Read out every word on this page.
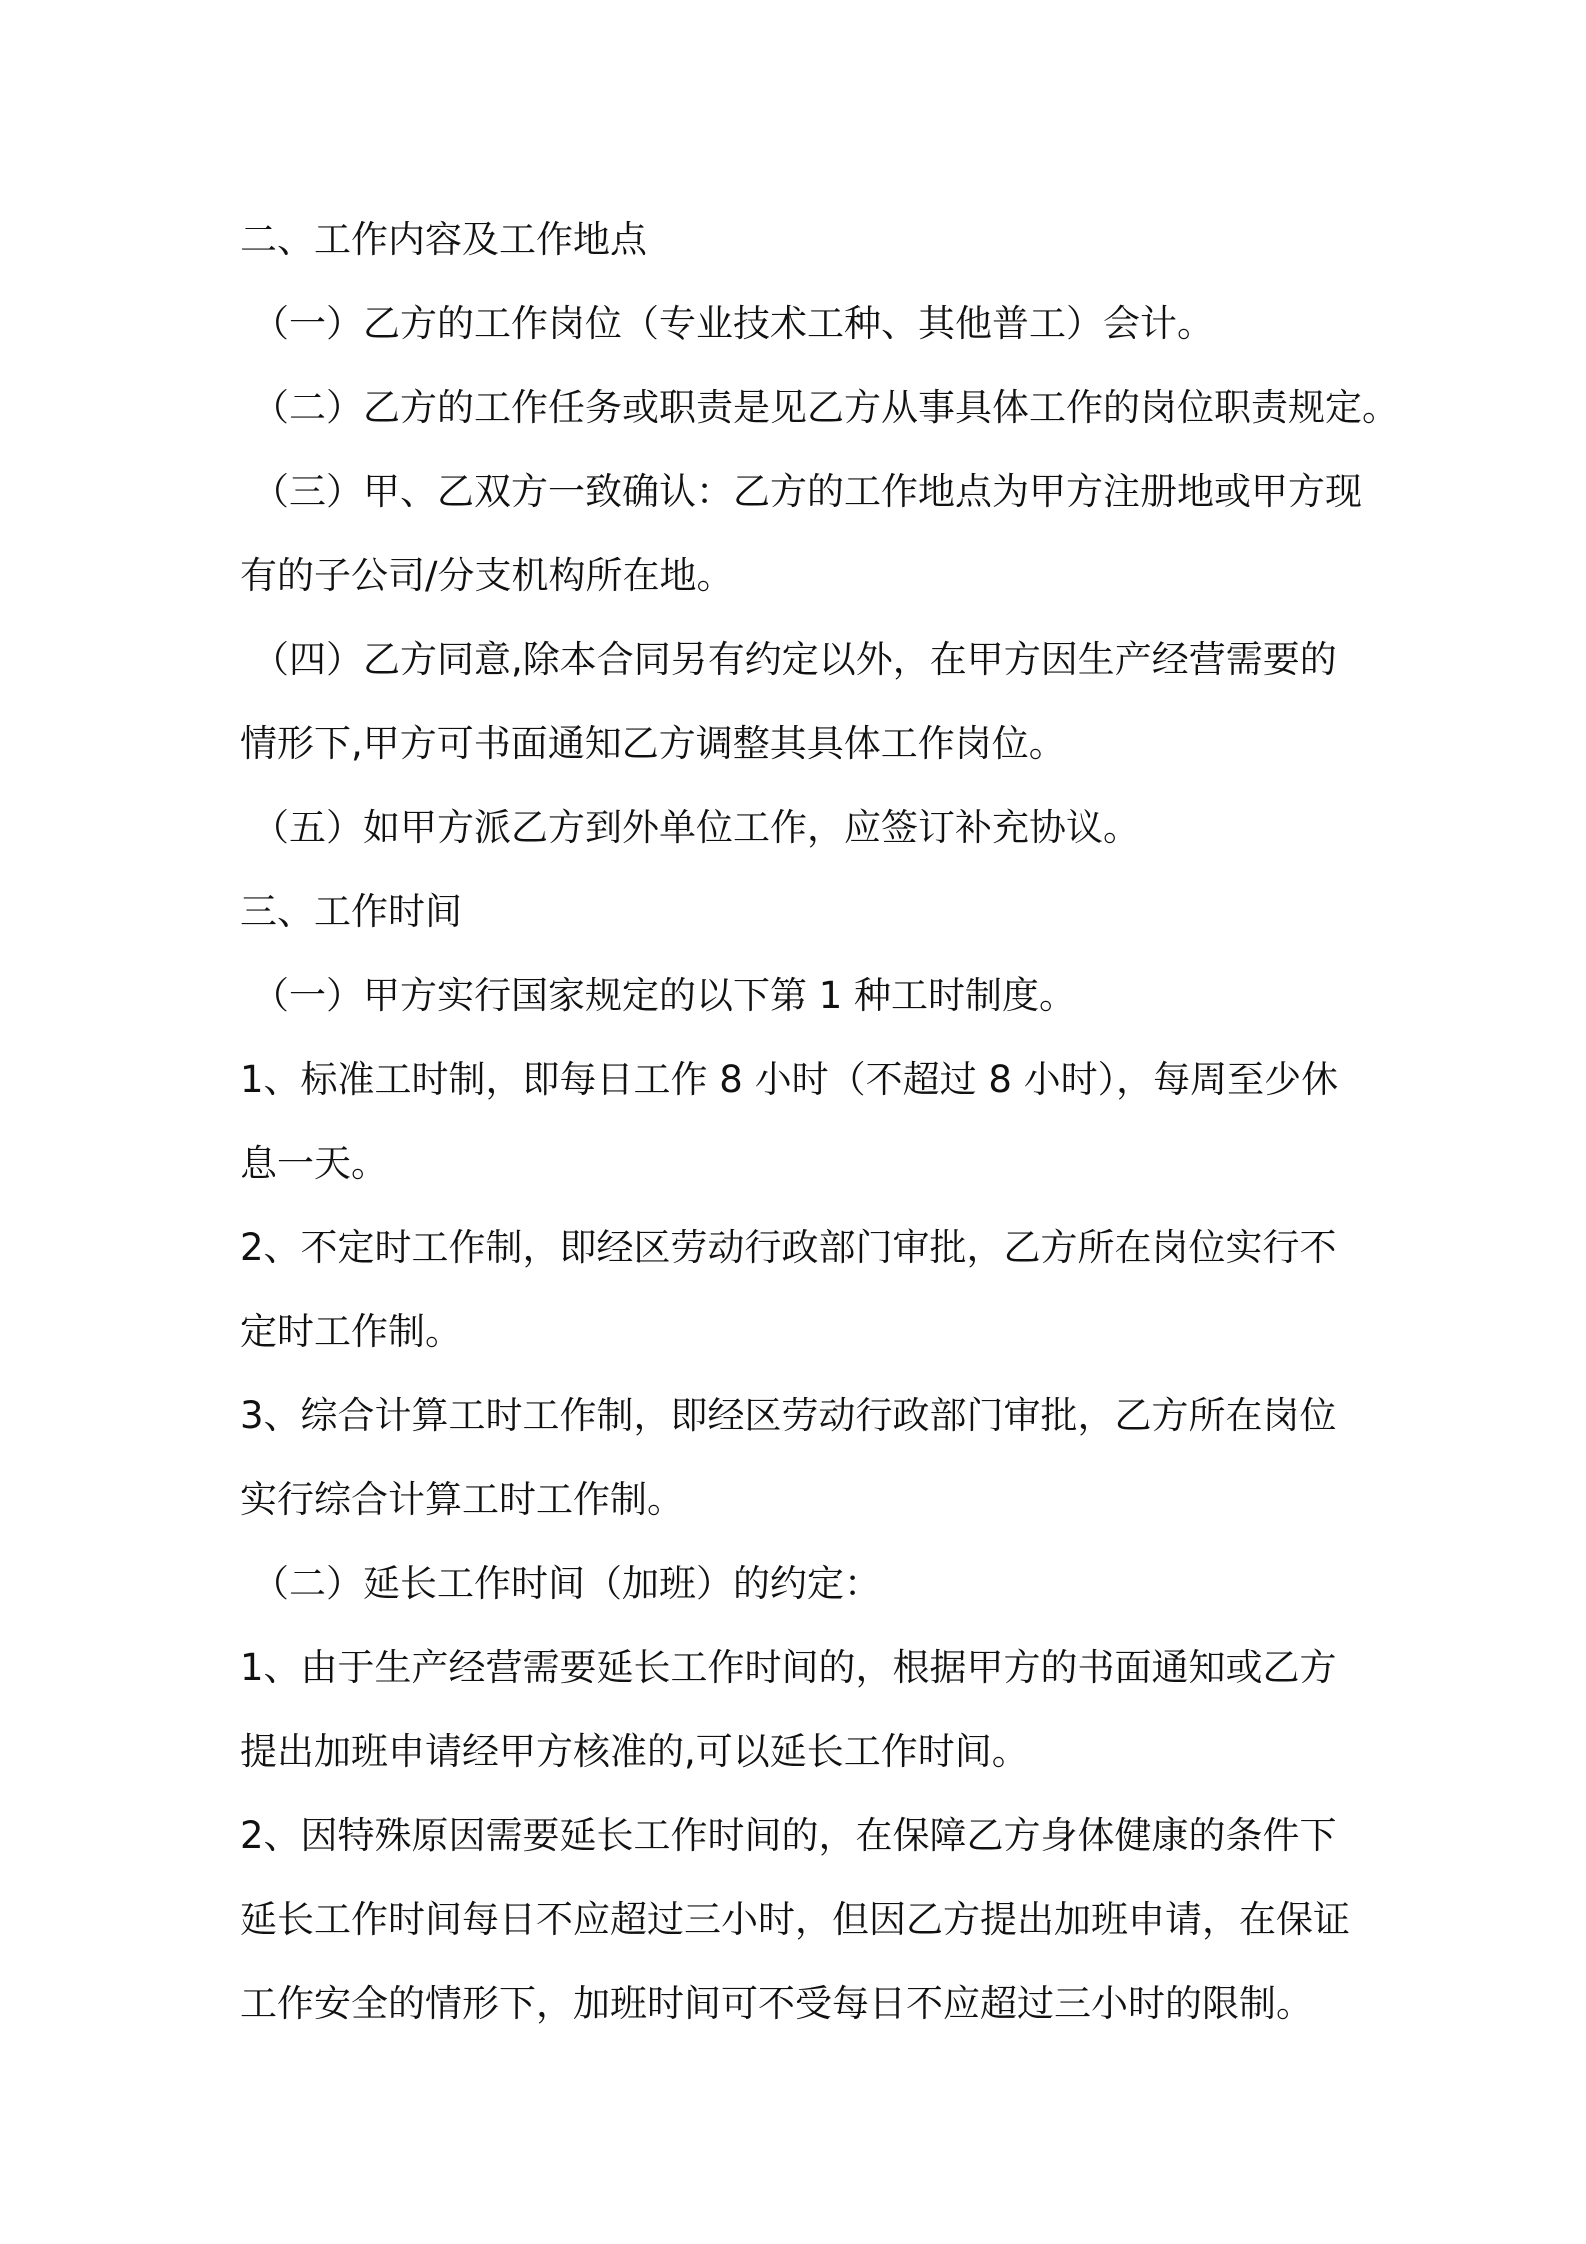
二、工作内容及工作地点
（一）乙方的工作岗位（专业技术工种、其他普工）会计。
（二）乙方的工作任务或职责是见乙方从事具体工作的岗位职责规定。
（三）甲、乙双方一致确认：乙方的工作地点为甲方注册地或甲方现
有的子公司/分支机构所在地。
（四）乙方同意,除本合同另有约定以外，在甲方因生产经营需要的
情形下,甲方可书面通知乙方调整其具体工作岗位。
（五）如甲方派乙方到外单位工作，应签订补充协议。
三、工作时间
（一）甲方实行国家规定的以下第 1 种工时制度。
1、标准工时制，即每日工作 8 小时（不超过 8 小时），每周至少休
息一天。
2、不定时工作制，即经区劳动行政部门审批，乙方所在岗位实行不
定时工作制。
3、综合计算工时工作制，即经区劳动行政部门审批，乙方所在岗位
实行综合计算工时工作制。
（二）延长工作时间（加班）的约定：
1、由于生产经营需要延长工作时间的，根据甲方的书面通知或乙方
提出加班申请经甲方核准的,可以延长工作时间。
2、因特殊原因需要延长工作时间的，在保障乙方身体健康的条件下
延长工作时间每日不应超过三小时，但因乙方提出加班申请，在保证
工作安全的情形下，加班时间可不受每日不应超过三小时的限制。
